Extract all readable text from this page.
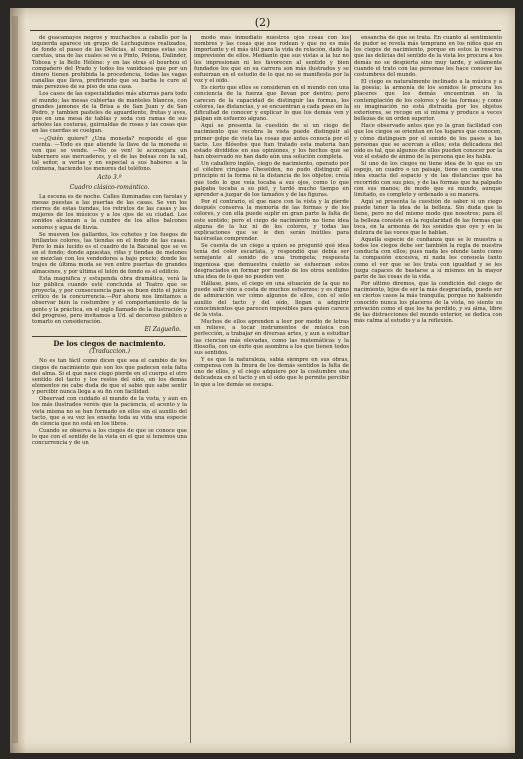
(2)

de guacamayos negros y muchachos a caballo por la izquierda aparece un grupo de Lechuguinos realizados, de fondo el paseo de las Delicias, al compas estas sus caretas, una de las cuales se ve a Pinto, Pelona, Dalinder, Tobosa y la Belle Hélène: y en las otras el bourbou el compañero del Prado y todos los vanidosos que por un dinero tienen prohibida la procedencia, todas las vagas canallas que lleva, prefiriendo que su barba le cure al más perezoso de su piso de una casa.

Los cases de las especialidades más aburras para todo el mundo; las mesas cubiertas de manteles blancos, con grandes jamones de la Brisa a de San Juan y de San Pedro, y tambien pasteles de aguardiente, frutas y aves, que en una mesa de tablas y seda con ramas de sus árboles las costuras, guirnaldas de rosas y las cosas que en las cuerdas se cuelgan.

—¿Quién quiere? ¿Una moneda? responde el que cuenta. —Todo es que atiende la llave de la moneda si ven que se vende. —No os ven! le aconsejara un tabernero sus mercaderes, y el de las bolsas con la sal, tal señor, a verlas y en especial a sus haberes a la colmena, haciendo los menores del teléfono.

Acto 3.º

Cuadro clásico-romántico.

La escena es de noche. Calles iluminadas con farolas y mesas puestas a las puertas de las casas. Se ven los cierres de estas tiendas, los retratos de las casas y las mujeres de los músicos y a los ojos de su ciudad. Los sonidos alcanzan a la cumbre de los altos balcones sonoros y agua de lluvia.

Se mueven los gallardos, los cohetes y los fuegos de brillantes colores, las tiendas en el fondo de las casas. Pero lo más lucido es el cuadro de la Bacanal que se ve en el fondo; donde apuestas, rifas y tiendas de melones se mezclan con los vendedores a bajo precio; donde los trajes de última moda se ven entre puertas de grandes almacenes, y por última el telón de fondo es el edificio.

Esta magnifica y estupenda obra dramática, verá la luz pública cuando esté concluida el Teatro que se proyecta, y por consecuencia para su buen éxito el juicio crítico de la concurrencia.—Por ahora nos limitamos a observar bien la costumbre y el comportamiento de la gente y la práctica, en el siglo llamado de la ilustración y del progreso, pero invitamos a Ud. al decoroso público a tomarlo en consideración.

El Zagueño.

De los ciegos de nacimiento.

(Traduccion.)

No es tan fácil como dicen que sea el cambio de los ciegos de nacimiento que son los que padecen esta falta del alma. Si el que nace ciego pierde en el cuerpo el otro sentido del tacto y los restos del oído, en los demás elementos no cabe duda de que el sabio que sabe sentir y percibir nunca llega a su fin con facilidad.

Observad con cuidado el mundo de la vista, y aun en los más ilustrados veréis que la paciencia, el acento y la vista misma no se han formado en ellos sin el auxilio del tacto, que a su vez les enseña toda su vida una especie de ciencia que no está en los libros.

Cuando se observa a los ciegos de que se conoce que lo que con el sentido de la vista en el que sí tenemos una concurrencia y de un

modo más inmediato nuestros ojos cosas con los nombres y las cosas que nos rodean y que no es más importante y el más útil para la vida de relación, dado la imprevisión de ellos. Mediante que sus vistas a la luz no les impresionan ni les favorecen al sentido y bien fundados los que en su carrera son más ilustrados y se esfuerzan en el estudio de lo que no se manifiesta por la voz y el oído.

Es cierto que ellos se consideran en el mundo con una conciencia de la fuerza que llevan por dentro; pero carecen de la capacidad de distinguir las formas, los colores, las distancias, y se encuentran a cada paso en la dificultad de conocer y explicar lo que los demás ven y palpan sin esfuerzo alguno.

Aquí se presenta la cuestión de si un ciego de nacimiento que recobra la vista puede distinguir al primer golpe de vista las cosas que antes conocía por el tacto. Los filósofos que han tratado esta materia han estado divididos en sus opiniones, y los hechos que se han observado no han dado aún una solución completa.

Un caballero inglés, ciego de nacimiento, operado por el célebre cirujano Cheselden, no pudo distinguir al principio ni la forma ni la distancia de los objetos; creía que todo lo que veía tocaba a sus ojos, como lo que palpaba tocaba a su piel, y tardó mucho tiempo en aprender a juzgar de los tamaños y de las figuras.

Por el contrario, el que nace con la vista y la pierde después conserva la memoria de las formas y de los colores, y con ella puede suplir en gran parte la falta de este sentido; pero el ciego de nacimiento no tiene idea alguna de la luz ni de los colores, y todas las explicaciones que se le den serán inútiles para hacérselas comprender.

Se cuenta de un ciego a quien se preguntó qué idea tenía del color escarlata, y respondió que debía ser semejante al sonido de una trompeta; respuesta ingeniosa que demuestra cuánto se esfuerzan estos desgraciados en formar por medio de los otros sentidos una idea de lo que no pueden ver.

Hállase, pues, el ciego en una situación de la que no puede salir sino a costa de muchos esfuerzos; y es digno de admiración ver cómo algunos de ellos, con el solo auxilio del tacto y del oído, llegan a adquirir conocimientos que parecen imposibles para quien carece de la vista.

Muchos de ellos aprenden a leer por medio de letras en relieve, a tocar instrumentos de música con perfección, a trabajar en diversas artes, y aun a estudiar las ciencias más elevadas, como las matemáticas y la filosofía, con un éxito que asombra a los que tienen todos sus sentidos.

Y es que la naturaleza, sabia siempre en sus obras, compensa con la finura de los demás sentidos la falta de uno de ellos, y el ciego adquiere por la costumbre una delicadeza en el tacto y en el oído que le permite percibir lo que a los demás se escapa.

ensancha de que se trata. En cuanto al sentimiento de pudor se revela más temprano en los niños que en los ciegos de nacimiento, porque en estos la reserva que las delicias del sentido de la vista les procura a los demás no se despierta sino muy tarde, y solamente cuando el trato con las personas les hace conocer las costumbres del mundo.

El ciego es naturalmente inclinado a la música y a la poesía; la armonía de los sonidos le procura los placeres que los demás encuentran en la contemplación de los colores y de las formas; y como su imaginación no está distraída por los objetos exteriores, se recoge en sí misma y produce a veces bellezas de un orden superior.

Hace observado antes que yo la gran facilidad con que los ciegos se orientan en los lugares que conocen, y cómo distinguen por el sonido de los pasos a las personas que se acercan a ellos; esta delicadeza del oído es tal, que algunos de ellos pueden conocer por la voz el estado de ánimo de la persona que les habla.

Si uno de los ciegos no tiene idea de lo que es un espejo, un cuadro o un paisaje, tiene en cambio una idea exacta del espacio y de las distancias que ha recorrido con sus pies, y de las formas que ha palpado con sus manos; de modo que su mundo, aunque limitado, es completo y ordenado a su manera.

Aquí se presenta la cuestión de saber si un ciego puede tener la idea de la belleza. Sin duda que la tiene, pero no del mismo modo que nosotros; para él la belleza consiste en la regularidad de las formas que toca, en la armonía de los sonidos que oye y en la dulzura de las voces que le hablan.

Aquella especie de confianza que se le muestra a todos los ciegos debe ser también la regla de nuestra conducta con ellos; pues nada les ofende tanto como la compasión excesiva, ni nada les consuela tanto como el ver que se les trata con igualdad y se les juzga capaces de bastarse a sí mismos en la mayor parte de las cosas de la vida.

Por ultimo diremos, que la condición del ciego de nacimiento, lejos de ser la más desgraciada, puede ser en ciertos casos la más tranquila; porque no habiendo conocido nunca los placeres de la vista, no siente su privación como el que los ha perdido, y su alma, libre de las distracciones del mundo exterior, se dedica con más calma al estudio y a la reflexión.
